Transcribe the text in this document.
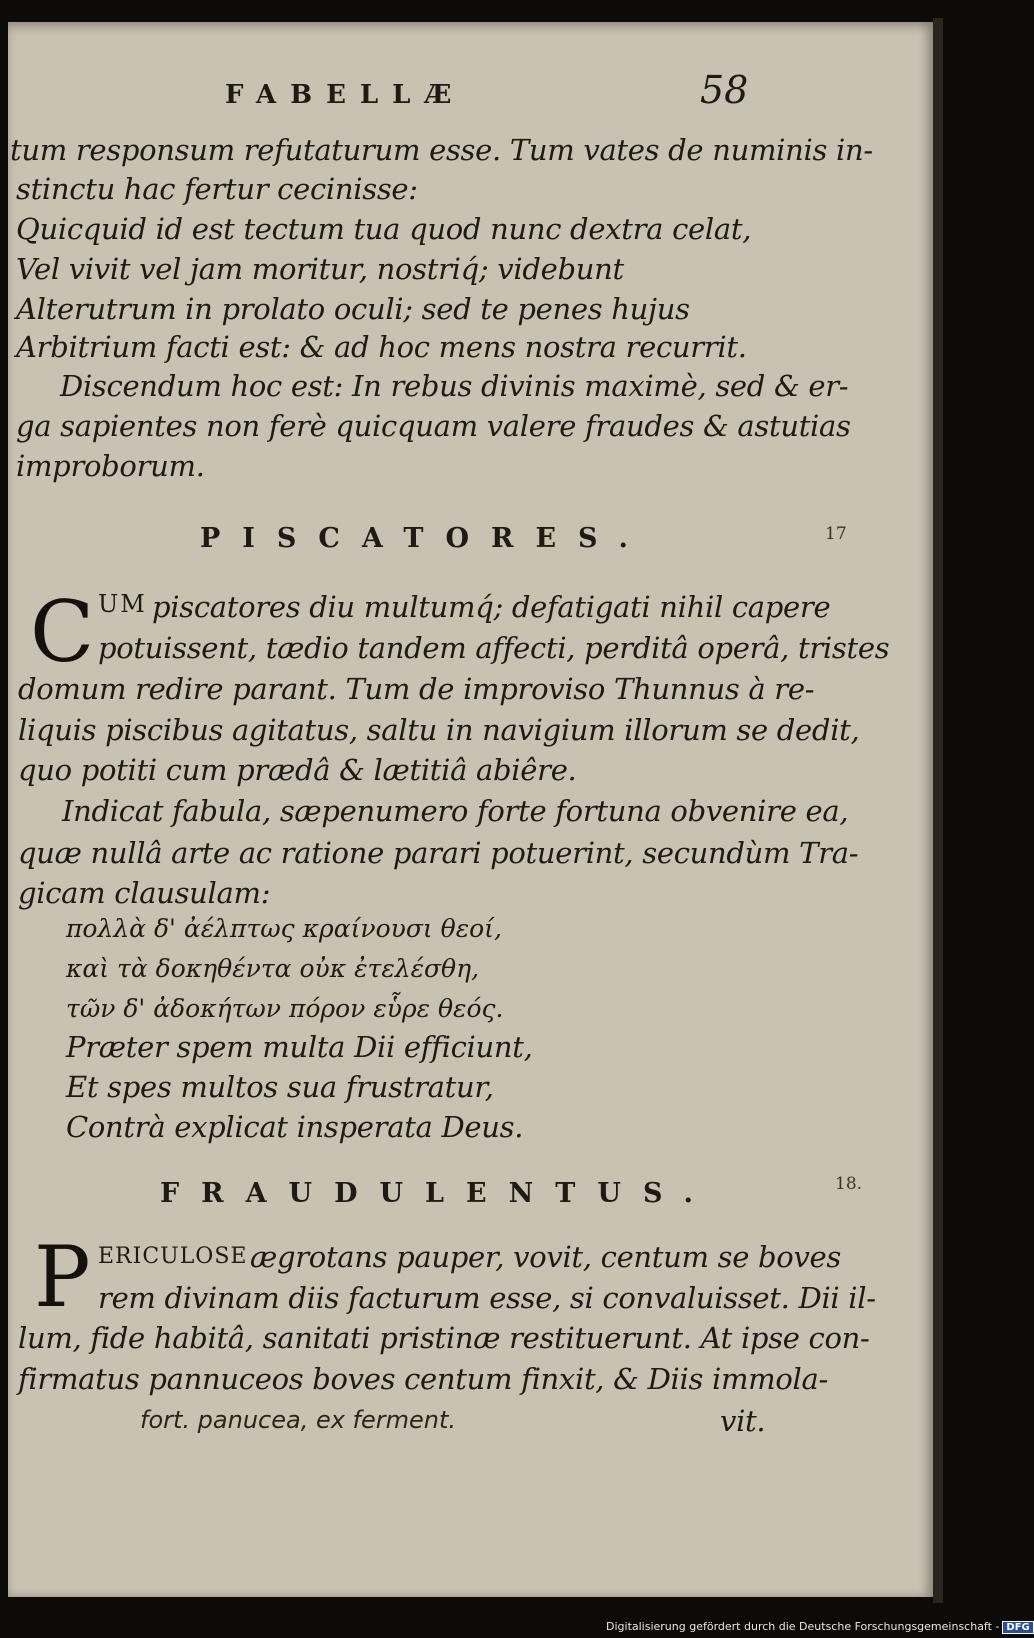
FABELLÆ	58
tum responsum refutaturum esse. Tum vates de numinis in-
stinctu hac fertur cecinisse:
Quicquid id est tectum tua quod nunc dextra celat,
Vel vivit vel jam moritur, nostriq́; videbunt
Alterutrum in prolato oculi; sed te penes hujus
Arbitrium facti est: & ad hoc mens nostra recurrit.
Discendum hoc est: In rebus divinis maximè, sed & er-
ga sapientes non ferè quicquam valere fraudes & astutias
improborum.
PISCATORES.	17
C UM piscatores diu multumq́; defatigati nihil capere
potuissent, tædio tandem affecti, perditâ operâ, tristes
domum redire parant. Tum de improviso Thunnus à re-
liquis piscibus agitatus, saltu in navigium illorum se dedit,
quo potiti cum prædâ & lætitiâ abiêre.
Indicat fabula, sæpenumero forte fortuna obvenire ea,
quæ nullâ arte ac ratione parari potuerint, secundùm Tra-
gicam clausulam:
πολλὰ δ' ἀέλπτως κραίνουσι θεοί,
καὶ τὰ δοκηθέντα οὐκ ἐτελέσθη,
τῶν δ' ἀδοκήτων πόρον εὗρε θεός.
Præter spem multa Dii efficiunt,
Et spes multos sua frustratur,
Contrà explicat insperata Deus.
FRAUDULENTUS.	18.
P ERICULOSE ægrotans pauper, vovit, centum se boves
rem divinam diis facturum esse, si convaluisset. Dii il-
lum, fide habitâ, sanitati pristinæ restituerunt. At ipse con-
firmatus pannuceos boves centum finxit, & Diis immola-
vit.
fort. panucea, ex ferment.
Digitalisierung gefördert durch die Deutsche Forschungsgemeinschaft - DFG
